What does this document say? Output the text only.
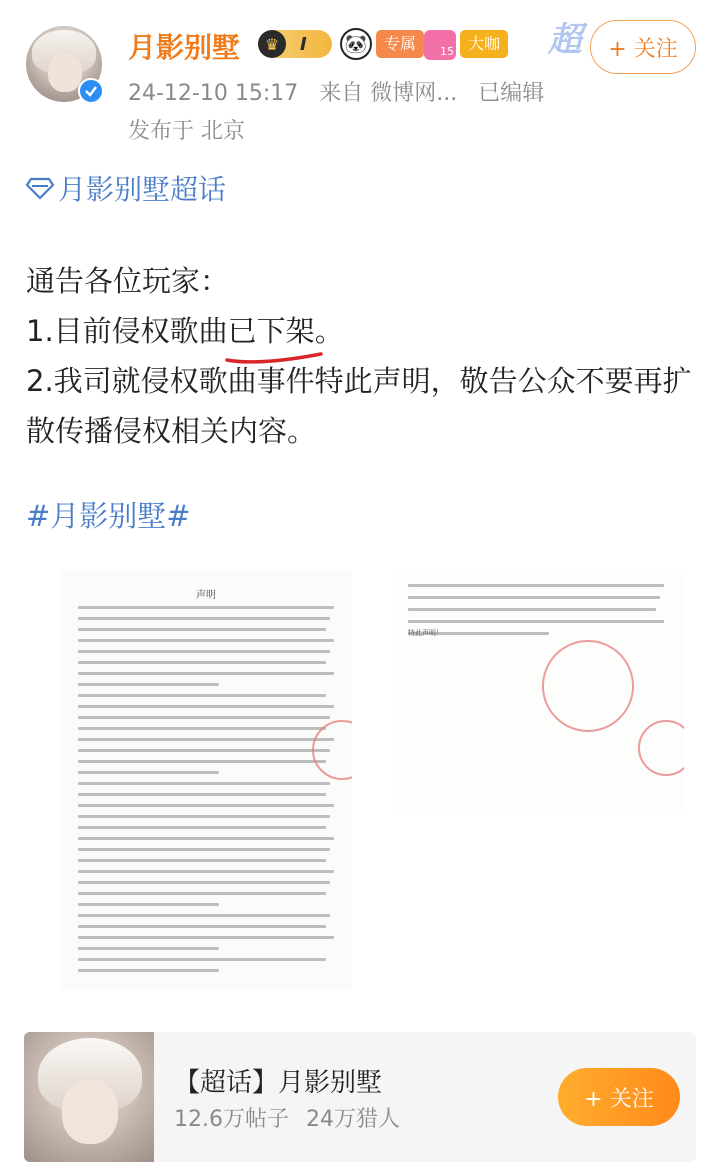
月影别墅	♛	I 🐼	专属	15 大咖 超	+ 关注
24-12-10 15:17 来自 微博网... 已编辑
发布于 北京
月影别墅超话

通告各位玩家：

1.目前侵权歌曲已下架
。

2.我司就侵权歌曲事件特此声明，敬告公众不要再扩散传播侵权相关内容。

#月影别墅#
声明
特此声明！
【超话】月影别墅
12.6万帖子 24万猎人
+ 关注
